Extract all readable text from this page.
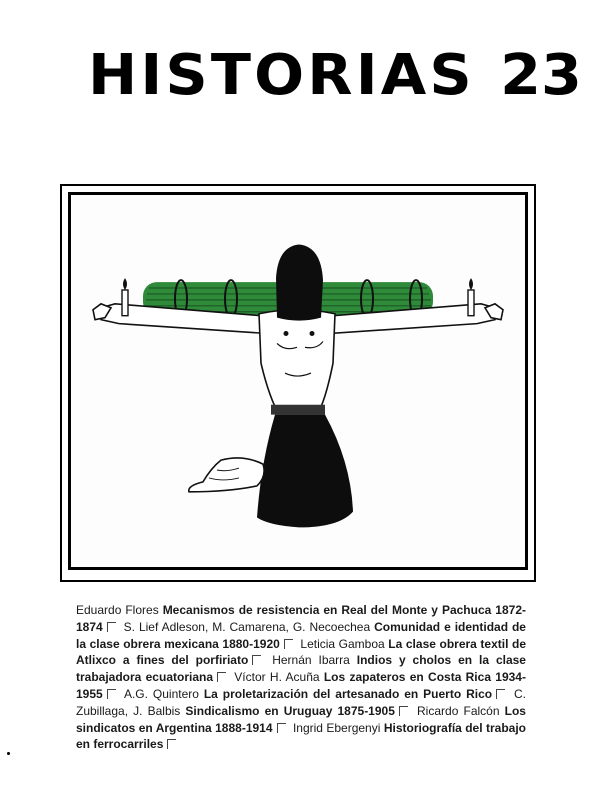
HISTORIAS 23
Eduardo Flores Mecanismos de resistencia en Real del Monte y Pachuca 1872-1874 S. Lief Adleson, M. Camarena, G. Necoechea Comunidad e identidad de la clase obrera mexicana 1880-1920 Leticia Gamboa La clase obrera textil de Atlixco a fines del porfiriato Hernán Ibarra Indios y cholos en la clase trabajadora ecuatoriana Víctor H. Acuña Los zapateros en Costa Rica 1934-1955 A.G. Quintero La proletarización del artesanado en Puerto Rico C. Zubillaga, J. Balbis Sindicalismo en Uruguay 1875-1905 Ricardo Falcón Los sindicatos en Argentina 1888-1914 Ingrid Ebergenyi Historiografía del trabajo en ferrocarriles
